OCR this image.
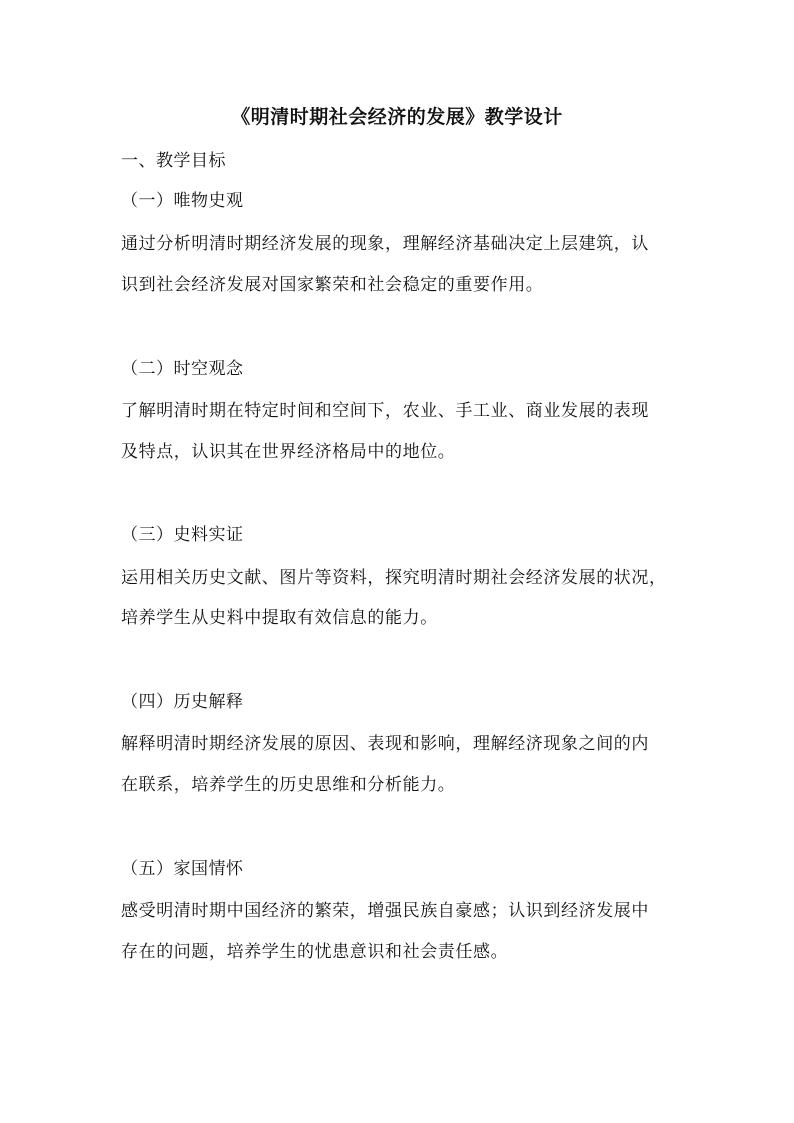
《明清时期社会经济的发展》教学设计

一、教学目标

（一）唯物史观

通过分析明清时期经济发展的现象，理解经济基础决定上层建筑，认

识到社会经济发展对国家繁荣和社会稳定的重要作用。

（二）时空观念

了解明清时期在特定时间和空间下，农业、手工业、商业发展的表现

及特点，认识其在世界经济格局中的地位。

（三）史料实证

运用相关历史文献、图片等资料，探究明清时期社会经济发展的状况，

培养学生从史料中提取有效信息的能力。

（四）历史解释

解释明清时期经济发展的原因、表现和影响，理解经济现象之间的内

在联系，培养学生的历史思维和分析能力。

（五）家国情怀

感受明清时期中国经济的繁荣，增强民族自豪感；认识到经济发展中

存在的问题，培养学生的忧患意识和社会责任感。
